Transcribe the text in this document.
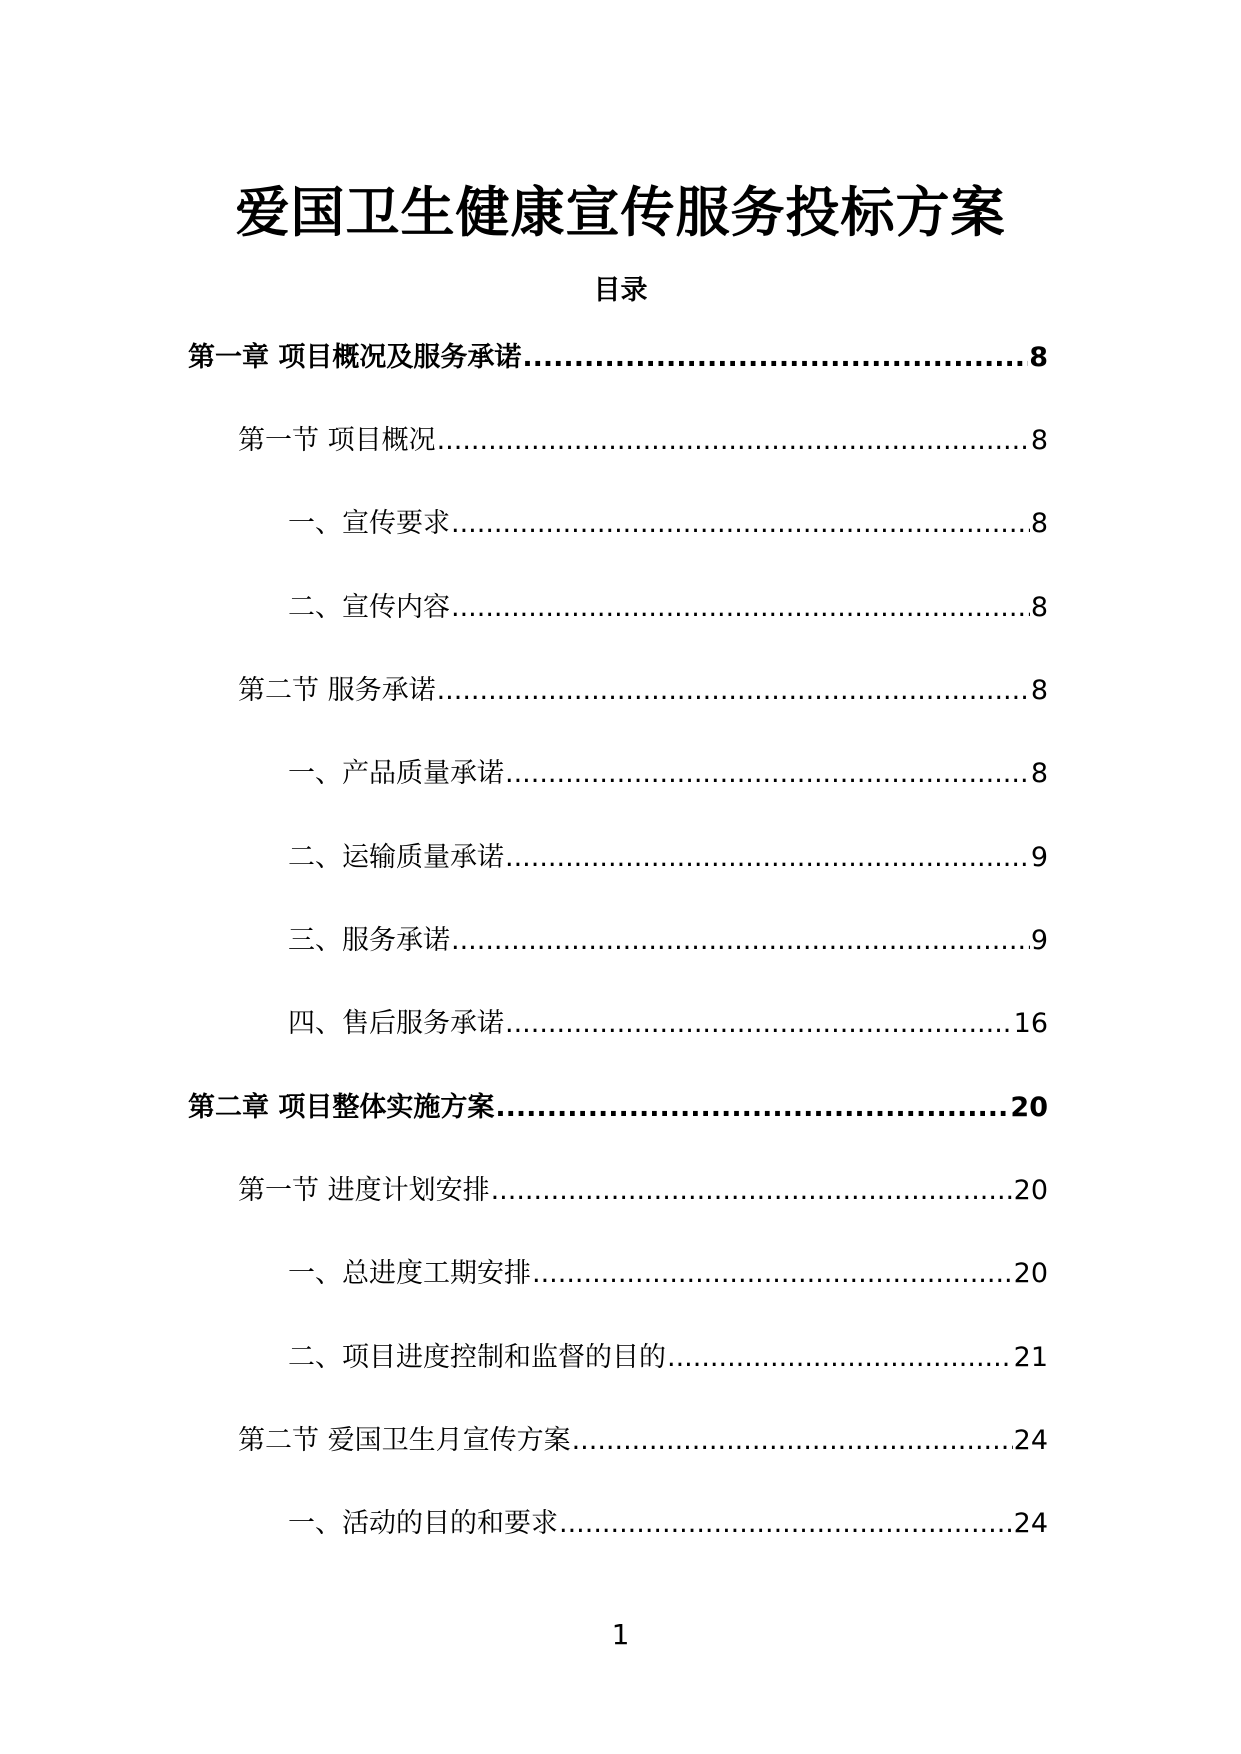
爱国卫生健康宣传服务投标方案
目录
第一章 项目概况及服务承诺 .....	8
第一节 项目概况 .....	8
一、宣传要求 .....	8
二、宣传内容 .....	8
第二节 服务承诺 .....	8
一、产品质量承诺 .....	8
二、运输质量承诺 .....	9
三、服务承诺 .....	9
四、售后服务承诺 .....	16
第二章 项目整体实施方案 .....	20
第一节 进度计划安排 .....	20
一、总进度工期安排 .....	20
二、项目进度控制和监督的目的 .....	21
第二节 爱国卫生月宣传方案 .....	24
一、活动的目的和要求 .....	24
1
